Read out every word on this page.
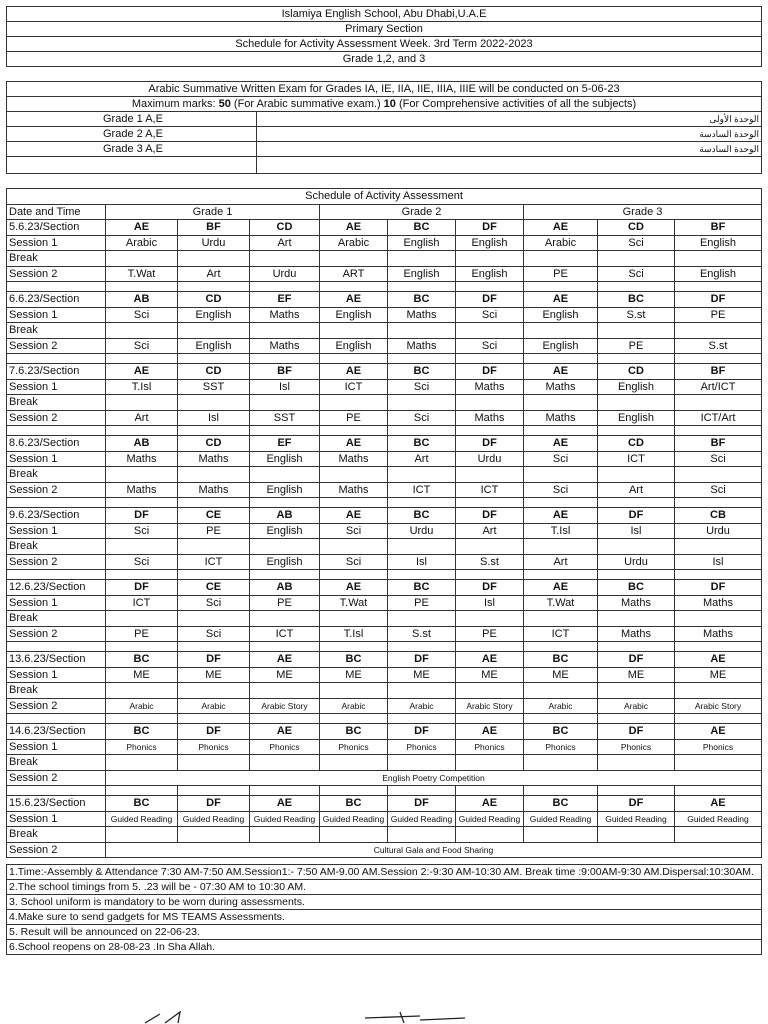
Islamiya English School, Abu Dhabi,U.A.E
Primary Section
Schedule for Activity Assessment Week. 3rd Term 2022-2023
Grade 1,2, and 3
Arabic Summative Written Exam for Grades IA, IE, IIA, IIE, IIIA, IIIE will be conducted on 5-06-23	
Maximum marks: 50 (For Arabic summative exam.) 10 (For Comprehensive activities of all the subjects)	
Grade 1 A,E	الوحدة الأولى
Grade 2 A,E	الوحدة السادسة
Grade 3 A,E	الوحدة السادسة

Schedule of Activity Assessment									
Date and Time	Grade 1			Grade 2			Grade 3		
5.6.23/Section	AE	BF	CD	AE	BC	DF	AE	CD	BF
Session 1	Arabic	Urdu	Art	Arabic	English	English	Arabic	Sci	English
Break									
Session 2	T.Wat	Art	Urdu	ART	English	English	PE	Sci	English

6.6.23/Section	AB	CD	EF	AE	BC	DF	AE	BC	DF
Session 1	Sci	English	Maths	English	Maths	Sci	English	S.st	PE
Break									
Session 2	Sci	English	Maths	English	Maths	Sci	English	PE	S.st

7.6.23/Section	AE	CD	BF	AE	BC	DF	AE	CD	BF
Session 1	T.Isl	SST	Isl	ICT	Sci	Maths	Maths	English	Art/ICT
Break									
Session 2	Art	Isl	SST	PE	Sci	Maths	Maths	English	ICT/Art

8.6.23/Section	AB	CD	EF	AE	BC	DF	AE	CD	BF
Session 1	Maths	Maths	English	Maths	Art	Urdu	Sci	ICT	Sci
Break									
Session 2	Maths	Maths	English	Maths	ICT	ICT	Sci	Art	Sci

9.6.23/Section	DF	CE	AB	AE	BC	DF	AE	DF	CB
Session 1	Sci	PE	English	Sci	Urdu	Art	T.Isl	Isl	Urdu
Break									
Session 2	Sci	ICT	English	Sci	Isl	S.st	Art	Urdu	Isl

12.6.23/Section	DF	CE	AB	AE	BC	DF	AE	BC	DF
Session 1	ICT	Sci	PE	T.Wat	PE	Isl	T.Wat	Maths	Maths
Break									
Session 2	PE	Sci	ICT	T.Isl	S.st	PE	ICT	Maths	Maths

13.6.23/Section	BC	DF	AE	BC	DF	AE	BC	DF	AE
Session 1	ME	ME	ME	ME	ME	ME	ME	ME	ME
Break									
Session 2	Arabic	Arabic	Arabic Story	Arabic	Arabic	Arabic Story	Arabic	Arabic	Arabic Story

14.6.23/Section	BC	DF	AE	BC	DF	AE	BC	DF	AE
Session 1	Phonics	Phonics	Phonics	Phonics	Phonics	Phonics	Phonics	Phonics	Phonics
Break									
Session 2	English Poetry Competition								

15.6.23/Section	BC	DF	AE	BC	DF	AE	BC	DF	AE
Session 1	Guided Reading	Guided Reading	Guided Reading	Guided Reading	Guided Reading	Guided Reading	Guided Reading	Guided Reading	Guided Reading
Break									
Session 2	Cultural Gala and Food Sharing								
1.Time:-Assembly & Attendance 7:30 AM-7:50 AM.Session1:- 7:50 AM-9.00 AM.Session 2:-9:30 AM-10:30 AM. Break time :9:00AM-9:30 AM.Dispersal:10:30AM.
2.The school timings from 5. .23 will be - 07:30 AM to 10:30 AM.
3. School uniform is mandatory to be worn during assessments.
4.Make sure to send gadgets for MS TEAMS Assessments.
5. Result will be announced on 22-06-23.
6.School reopens on 28-08-23 .In Sha Allah.
